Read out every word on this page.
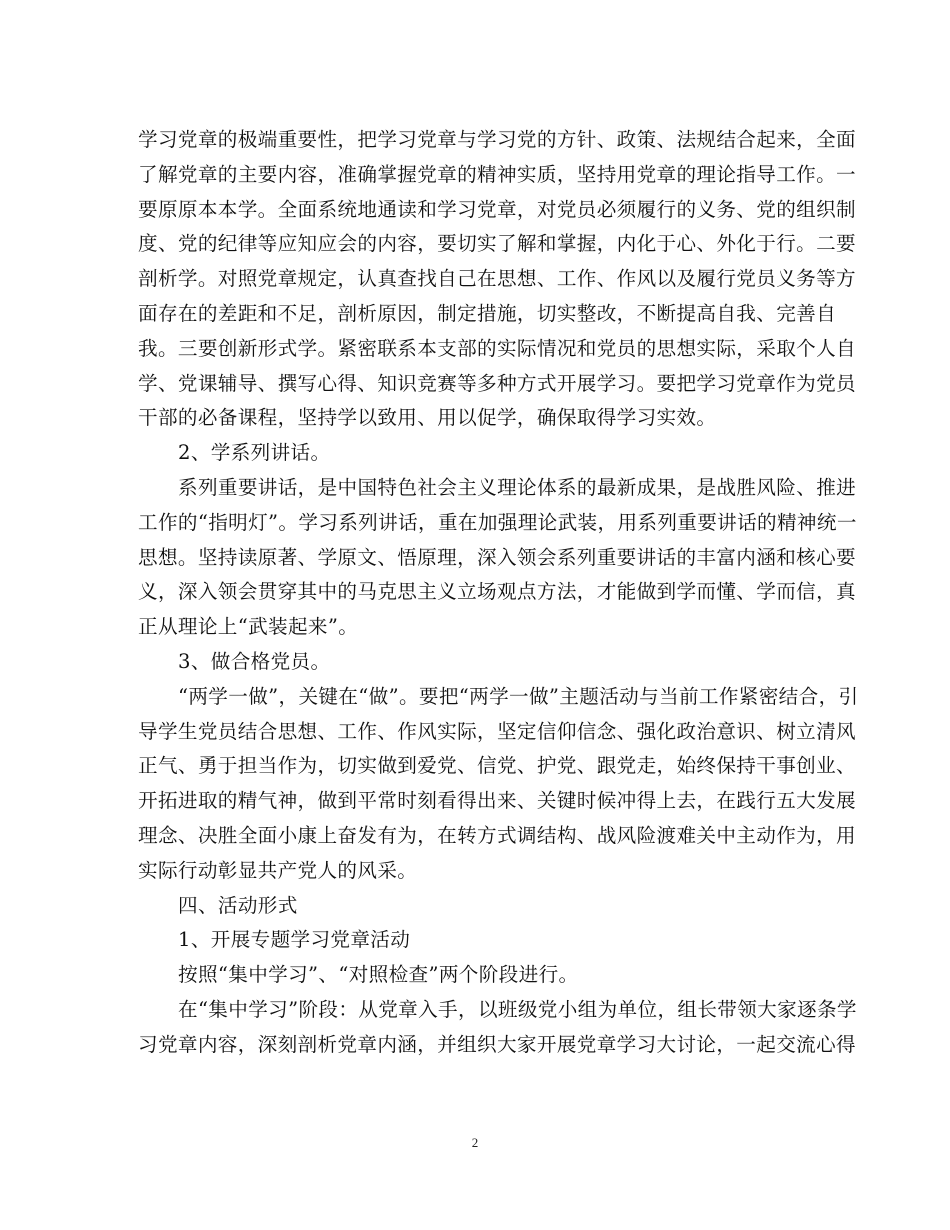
学习党章的极端重要性，把学习党章与学习党的方针、政策、法规结合起来，全面
了解党章的主要内容，准确掌握党章的精神实质，坚持用党章的理论指导工作。一
要原原本本学。全面系统地通读和学习党章，对党员必须履行的义务、党的组织制
度、党的纪律等应知应会的内容，要切实了解和掌握，内化于心、外化于行。二要
剖析学。对照党章规定，认真查找自己在思想、工作、作风以及履行党员义务等方
面存在的差距和不足，剖析原因，制定措施，切实整改，不断提高自我、完善自
我。三要创新形式学。紧密联系本支部的实际情况和党员的思想实际，采取个人自
学、党课辅导、撰写心得、知识竞赛等多种方式开展学习。要把学习党章作为党员
干部的必备课程，坚持学以致用、用以促学，确保取得学习实效。
2、学系列讲话。
系列重要讲话，是中国特色社会主义理论体系的最新成果，是战胜风险、推进
工作的“指明灯”。学习系列讲话，重在加强理论武装，用系列重要讲话的精神统一
思想。坚持读原著、学原文、悟原理，深入领会系列重要讲话的丰富内涵和核心要
义，深入领会贯穿其中的马克思主义立场观点方法，才能做到学而懂、学而信，真
正从理论上“武装起来”。
3、做合格党员。
“两学一做”，关键在“做”。要把“两学一做”主题活动与当前工作紧密结合，引
导学生党员结合思想、工作、作风实际，坚定信仰信念、强化政治意识、树立清风
正气、勇于担当作为，切实做到爱党、信党、护党、跟党走，始终保持干事创业、
开拓进取的精气神，做到平常时刻看得出来、关键时候冲得上去，在践行五大发展
理念、决胜全面小康上奋发有为，在转方式调结构、战风险渡难关中主动作为，用
实际行动彰显共产党人的风采。
四、活动形式
1、开展专题学习党章活动
按照“集中学习”、“对照检查”两个阶段进行。
在“集中学习”阶段：从党章入手，以班级党小组为单位，组长带领大家逐条学
习党章内容，深刻剖析党章内涵，并组织大家开展党章学习大讨论，一起交流心得
2
